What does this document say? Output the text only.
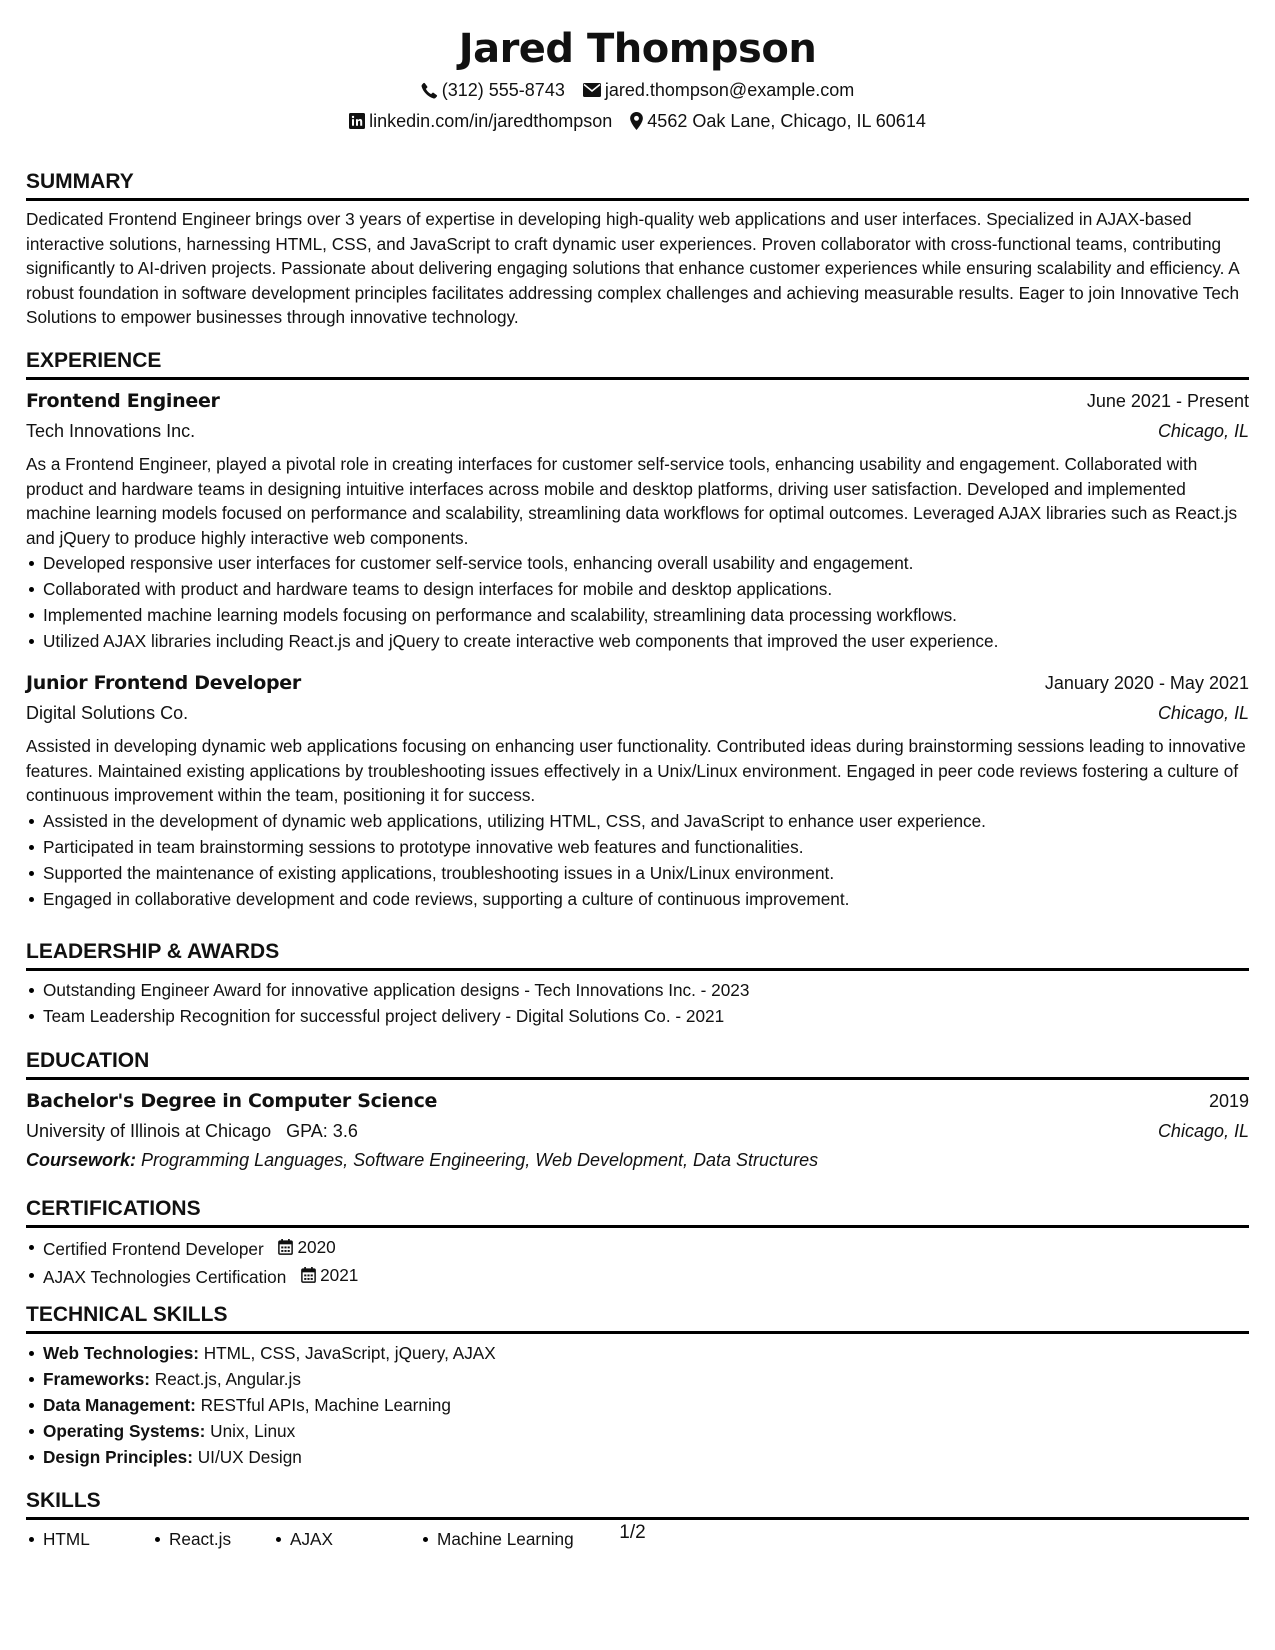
Jared Thompson
(312) 555-8743 jared.thompson@example.com
linkedin.com/in/jaredthompson 4562 Oak Lane, Chicago, IL 60614
SUMMARY

Dedicated Frontend Engineer brings over 3 years of expertise in developing high-quality web applications and user interfaces. Specialized in AJAX-based interactive solutions, harnessing HTML, CSS, and JavaScript to craft dynamic user experiences. Proven collaborator with cross-functional teams, contributing significantly to AI-driven projects. Passionate about delivering engaging solutions that enhance customer experiences while ensuring scalability and efficiency. A robust foundation in software development principles facilitates addressing complex challenges and achieving measurable results. Eager to join Innovative Tech Solutions to empower businesses through innovative technology.

EXPERIENCE
Frontend Engineer	June 2021 - Present
Tech Innovations Inc.	Chicago, IL

As a Frontend Engineer, played a pivotal role in creating interfaces for customer self-service tools, enhancing usability and engagement. Collaborated with product and hardware teams in designing intuitive interfaces across mobile and desktop platforms, driving user satisfaction. Developed and implemented machine learning models focused on performance and scalability, streamlining data workflows for optimal outcomes. Leveraged AJAX libraries such as React.js and jQuery to produce highly interactive web components.

Developed responsive user interfaces for customer self-service tools, enhancing overall usability and engagement.
Collaborated with product and hardware teams to design interfaces for mobile and desktop applications.
Implemented machine learning models focusing on performance and scalability, streamlining data processing workflows.
Utilized AJAX libraries including React.js and jQuery to create interactive web components that improved the user experience.
Junior Frontend Developer	January 2020 - May 2021
Digital Solutions Co.	Chicago, IL

Assisted in developing dynamic web applications focusing on enhancing user functionality. Contributed ideas during brainstorming sessions leading to innovative features. Maintained existing applications by troubleshooting issues effectively in a Unix/Linux environment. Engaged in peer code reviews fostering a culture of continuous improvement within the team, positioning it for success.

Assisted in the development of dynamic web applications, utilizing HTML, CSS, and JavaScript to enhance user experience.
Participated in team brainstorming sessions to prototype innovative web features and functionalities.
Supported the maintenance of existing applications, troubleshooting issues in a Unix/Linux environment.
Engaged in collaborative development and code reviews, supporting a culture of continuous improvement.
LEADERSHIP & AWARDS
Outstanding Engineer Award for innovative application designs - Tech Innovations Inc. - 2023
Team Leadership Recognition for successful project delivery - Digital Solutions Co. - 2021
EDUCATION
Bachelor's Degree in Computer Science	2019
University of Illinois at Chicago GPA: 3.6	Chicago, IL
Coursework: Programming Languages, Software Engineering, Web Development, Data Structures
CERTIFICATIONS
Certified Frontend Developer 2020
AJAX Technologies Certification 2021
TECHNICAL SKILLS
Web Technologies: HTML, CSS, JavaScript, jQuery, AJAX
Frameworks: React.js, Angular.js
Data Management: RESTful APIs, Machine Learning
Operating Systems: Unix, Linux
Design Principles: UI/UX Design
SKILLS
HTML	React.js	AJAX	Machine Learning	1/2
